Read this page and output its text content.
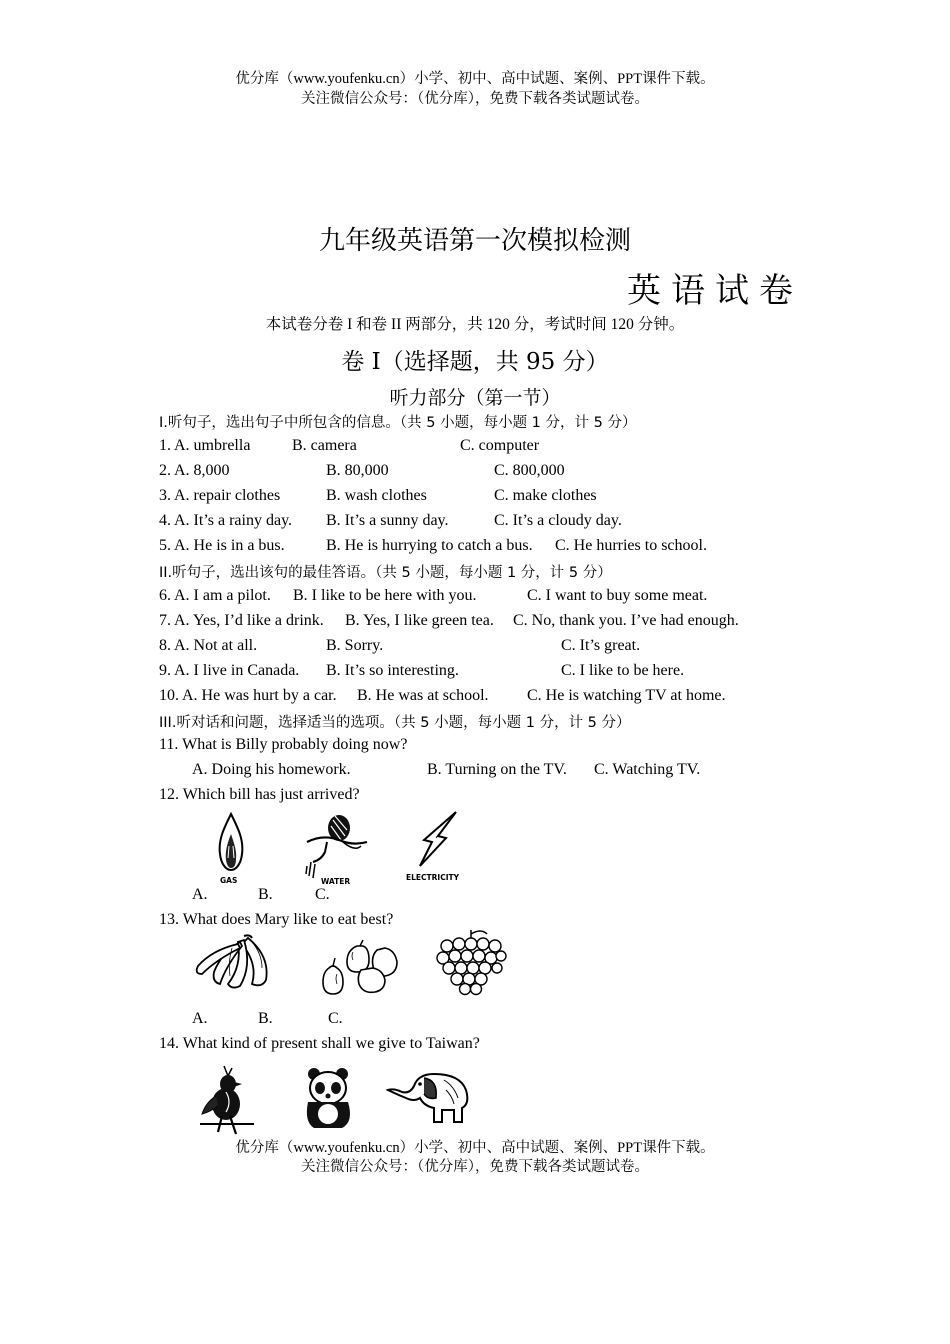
优分库（www.youfenku.cn）小学、初中、高中试题、案例、PPT课件下载。
关注微信公众号：（优分库），免费下载各类试题试卷。
九年级英语第一次模拟检测
英语试卷
本试卷分卷 I 和卷 II 两部分，共 120 分，考试时间 120 分钟。
卷 I（选择题，共 95 分）
听力部分（第一节）
I.听句子，选出句子中所包含的信息。（共 5 小题，每小题 1 分，计 5 分）
1. A. umbrella	B. camera	C. computer
2. A. 8,000	B. 80,000	C. 800,000
3. A. repair clothes	B. wash clothes	C. make clothes
4. A. It’s a rainy day. B. It’s a sunny day.	C. It’s a cloudy day.
5. A. He is in a bus.	B. He is hurrying to catch a bus. C. He hurries to school.
II.听句子，选出该句的最佳答语。（共 5 小题，每小题 1 分，计 5 分）
6. A. I am a pilot. B. I like to be here with you.	C. I want to buy some meat.
7. A. Yes, I’d like a drink. B. Yes, I like green tea. C. No, thank you. I’ve had enough.
8. A. Not at all.	B. Sorry.	C. It’s great.
9. A. I live in Canada. B. It’s so interesting.	C. I like to be here.
10. A. He was hurt by a car. B. He was at school. C. He is watching TV at home.
III.听对话和问题，选择适当的选项。（共 5 小题，每小题 1 分，计 5 分）
11. What is Billy probably doing now?
A. Doing his homework.	B. Turning on the TV. C. Watching TV.
12. Which bill has just arrived?
GAS	WATER	ELECTRICITY
A.	B.	C.
13. What does Mary like to eat best?
A.	B.	C.
14. What kind of present shall we give to Taiwan?
优分库（www.youfenku.cn）小学、初中、高中试题、案例、PPT课件下载。
关注微信公众号：（优分库），免费下载各类试题试卷。
